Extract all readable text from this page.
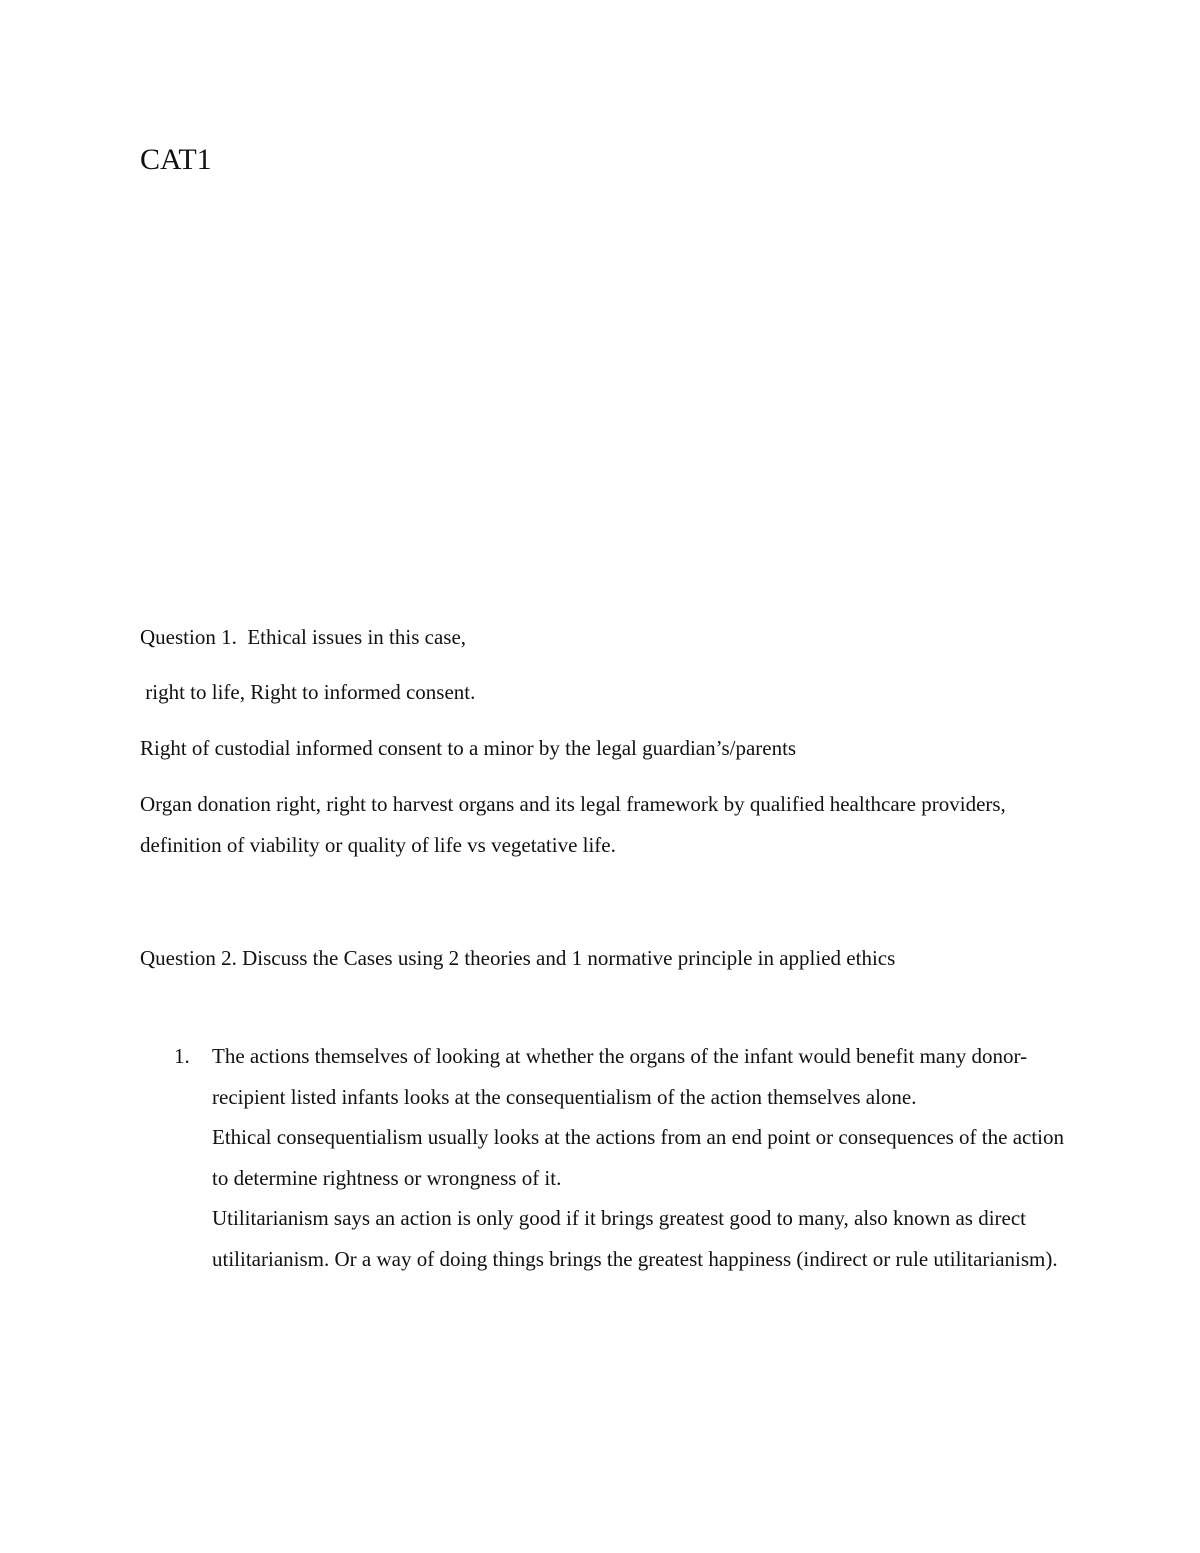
CAT1

Question 1.  Ethical issues in this case,

right to life, Right to informed consent.

Right of custodial informed consent to a minor by the legal guardian’s/parents

Organ donation right, right to harvest organs and its legal framework by qualified healthcare providers, definition of viability or quality of life vs vegetative life.

Question 2. Discuss the Cases using 2 theories and 1 normative principle in applied ethics

1. The actions themselves of looking at whether the organs of the infant would benefit many donor-recipient listed infants looks at the consequentialism of the action themselves alone.
Ethical consequentialism usually looks at the actions from an end point or consequences of the action to determine rightness or wrongness of it.
Utilitarianism says an action is only good if it brings greatest good to many, also known as direct utilitarianism. Or a way of doing things brings the greatest happiness (indirect or rule utilitarianism).
